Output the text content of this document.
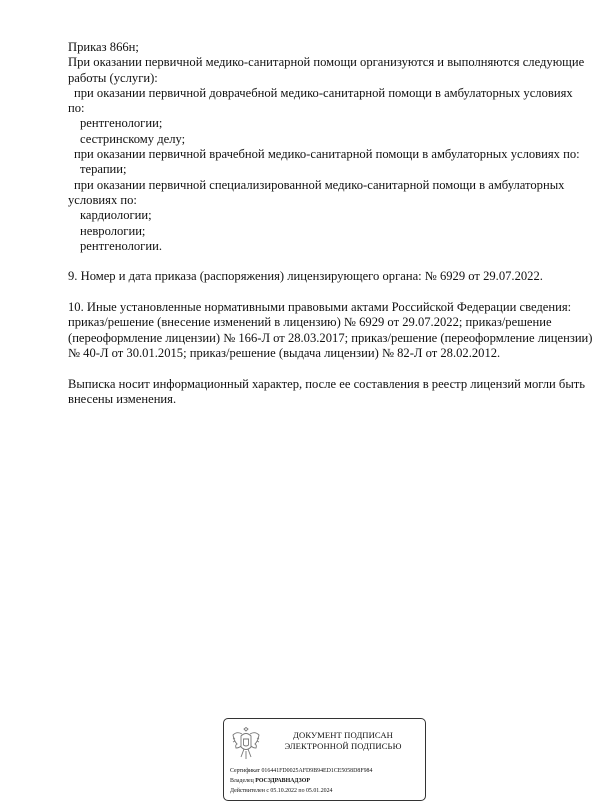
Приказ 866н;
При оказании первичной медико-санитарной помощи организуются и выполняются следующие
работы (услуги):
при оказании первичной доврачебной медико-санитарной помощи в амбулаторных условиях
по:
рентгенологии;
сестринскому делу;
при оказании первичной врачебной медико-санитарной помощи в амбулаторных условиях по:
терапии;
при оказании первичной специализированной медико-санитарной помощи в амбулаторных
условиях по:
кардиологии;
неврологии;
рентгенологии.
9. Номер и дата приказа (распоряжения) лицензирующего органа: № 6929 от 29.07.2022.
10. Иные установленные нормативными правовыми актами Российской Федерации сведения:
приказ/решение (внесение изменений в лицензию) № 6929 от 29.07.2022; приказ/решение
(переоформление лицензии) № 166-Л от 28.03.2017; приказ/решение (переоформление лицензии)
№ 40-Л от 30.01.2015; приказ/решение (выдача лицензии) № 82-Л от 28.02.2012.
Выписка носит информационный характер, после ее составления в реестр лицензий могли быть
внесены изменения.
ДОКУМЕНТ ПОДПИСАН
ЭЛЕКТРОННОЙ ПОДПИСЬЮ
Сертификат 016441FD0025AFD9B94ED1CE5058D8F984
Владелец РОСЗДРАВНАДЗОР
Действителен с 05.10.2022 по 05.01.2024
